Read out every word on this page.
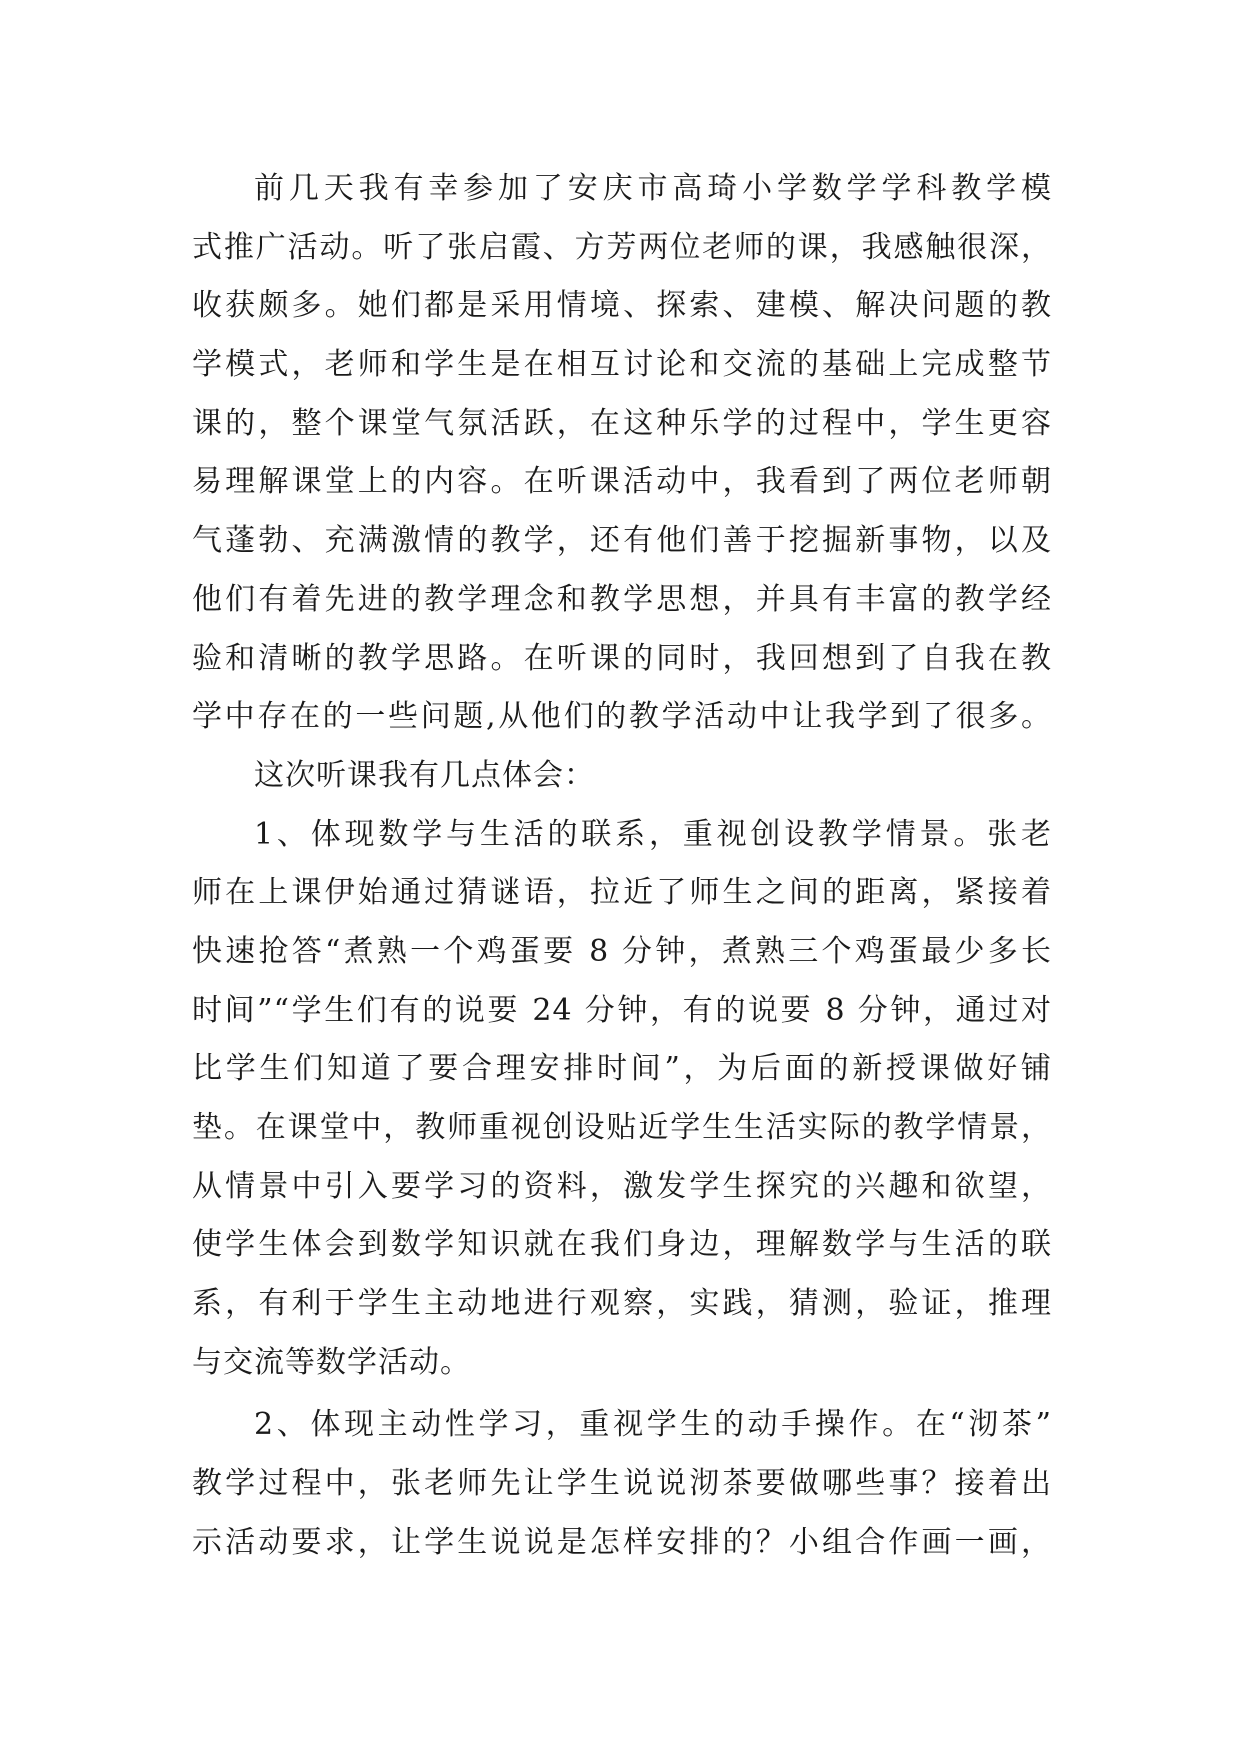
前几天我有幸参加了安庆市高琦小学数学学科教学模
式推广活动。听了张启霞、方芳两位老师的课，我感触很深，
收获颇多。她们都是采用情境、探索、建模、解决问题的教
学模式，老师和学生是在相互讨论和交流的基础上完成整节
课的，整个课堂气氛活跃，在这种乐学的过程中，学生更容
易理解课堂上的内容。在听课活动中，我看到了两位老师朝
气蓬勃、充满激情的教学，还有他们善于挖掘新事物，以及
他们有着先进的教学理念和教学思想，并具有丰富的教学经
验和清晰的教学思路。在听课的同时，我回想到了自我在教
学中存在的一些问题,从他们的教学活动中让我学到了很多。
这次听课我有几点体会：
1、体现数学与生活的联系，重视创设教学情景。张老
师在上课伊始通过猜谜语，拉近了师生之间的距离，紧接着
快速抢答“煮熟一个鸡蛋要 8 分钟，煮熟三个鸡蛋最少多长
时间”“学生们有的说要 24 分钟，有的说要 8 分钟，通过对
比学生们知道了要合理安排时间”，为后面的新授课做好铺
垫。在课堂中，教师重视创设贴近学生生活实际的教学情景，
从情景中引入要学习的资料，激发学生探究的兴趣和欲望，
使学生体会到数学知识就在我们身边，理解数学与生活的联
系，有利于学生主动地进行观察，实践，猜测，验证，推理
与交流等数学活动。
2、体现主动性学习，重视学生的动手操作。在“沏茶”
教学过程中，张老师先让学生说说沏茶要做哪些事？接着出
示活动要求，让学生说说是怎样安排的？小组合作画一画，
